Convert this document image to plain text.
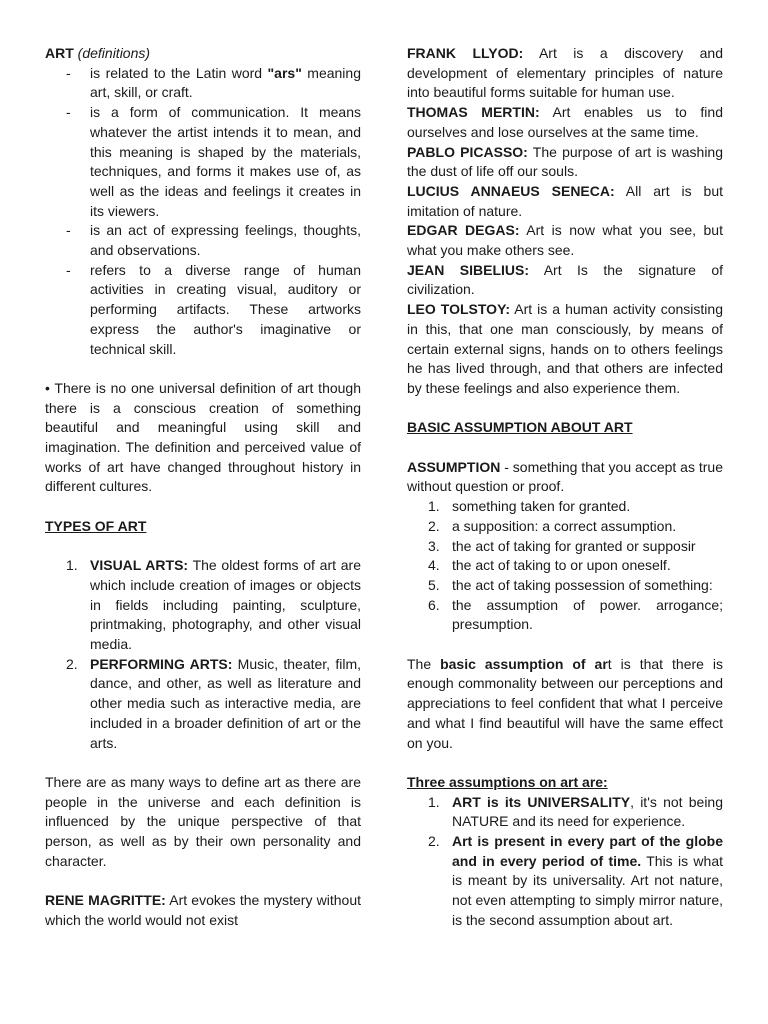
ART (definitions)

- is related to the Latin word "ars" meaning art, skill, or craft.
- is a form of communication. It means whatever the artist intends it to mean, and this meaning is shaped by the materials, techniques, and forms it makes use of, as well as the ideas and feelings it creates in its viewers.
- is an act of expressing feelings, thoughts, and observations.
- refers to a diverse range of human activities in creating visual, auditory or performing artifacts. These artworks express the author's imaginative or technical skill.

• There is no one universal definition of art though there is a conscious creation of something beautiful and meaningful using skill and imagination. The definition and perceived value of works of art have changed throughout history in different cultures.

TYPES OF ART

1. VISUAL ARTS: The oldest forms of art are which include creation of images or objects in fields including painting, sculpture, printmaking, photography, and other visual media.
2. PERFORMING ARTS: Music, theater, film, dance, and other, as well as literature and other media such as interactive media, are included in a broader definition of art or the arts.

There are as many ways to define art as there are people in the universe and each definition is influenced by the unique perspective of that person, as well as by their own personality and character.

RENE MAGRITTE: Art evokes the mystery without which the world would not exist

FRANK LLYOD: Art is a discovery and development of elementary principles of nature into beautiful forms suitable for human use.

THOMAS MERTIN: Art enables us to find ourselves and lose ourselves at the same time.

PABLO PICASSO: The purpose of art is washing the dust of life off our souls.

LUCIUS ANNAEUS SENECA: All art is but imitation of nature.

EDGAR DEGAS: Art is now what you see, but what you make others see.

JEAN SIBELIUS: Art Is the signature of civilization.

LEO TOLSTOY: Art is a human activity consisting in this, that one man consciously, by means of certain external signs, hands on to others feelings he has lived through, and that others are infected by these feelings and also experience them.

BASIC ASSUMPTION ABOUT ART

ASSUMPTION - something that you accept as true without question or proof.

1. something taken for granted.
2. a supposition: a correct assumption.
3. the act of taking for granted or supposir
4. the act of taking to or upon oneself.
5. the act of taking possession of something:
6. the assumption of power. arrogance; presumption.

The basic assumption of art is that there is enough commonality between our perceptions and appreciations to feel confident that what I perceive and what I find beautiful will have the same effect on you.

Three assumptions on art are:

1. ART is its UNIVERSALITY, it's not being NATURE and its need for experience.
2. Art is present in every part of the globe and in every period of time. This is what is meant by its universality. Art not nature, not even attempting to simply mirror nature, is the second assumption about art.
